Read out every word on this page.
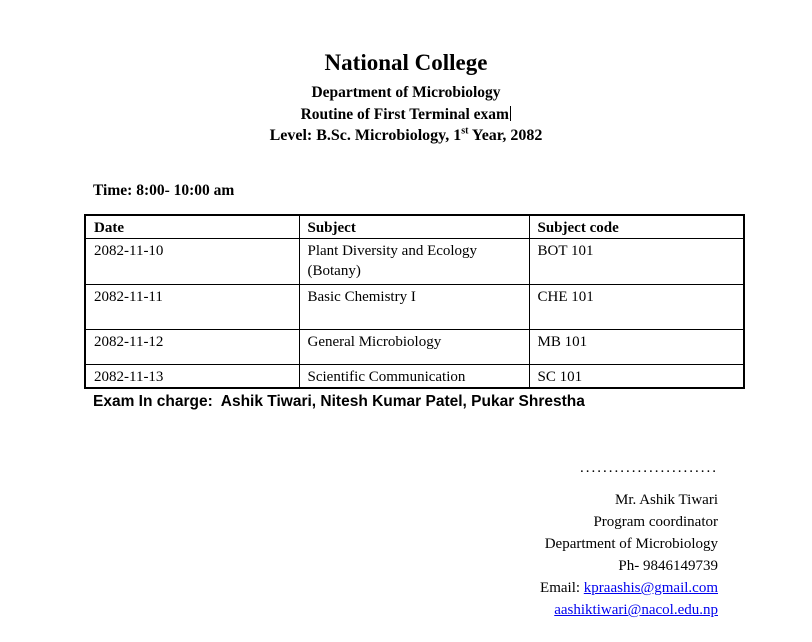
National College
Department of Microbiology
Routine of First Terminal exam
Level: B.Sc. Microbiology, 1st Year, 2082
Time: 8:00- 10:00 am
Date	Subject	Subject code
2082-11-10	Plant Diversity and Ecology (Botany)	BOT 101
2082-11-11	Basic Chemistry I	CHE 101
2082-11-12	General Microbiology	MB 101
2082-11-13	Scientific Communication	SC 101
Exam In charge:  Ashik Tiwari, Nitesh Kumar Patel, Pukar Shrestha
........................
Mr. Ashik Tiwari
Program coordinator
Department of Microbiology
Ph- 9846149739
Email: kpraashis@gmail.com
aashiktiwari@nacol.edu.np
